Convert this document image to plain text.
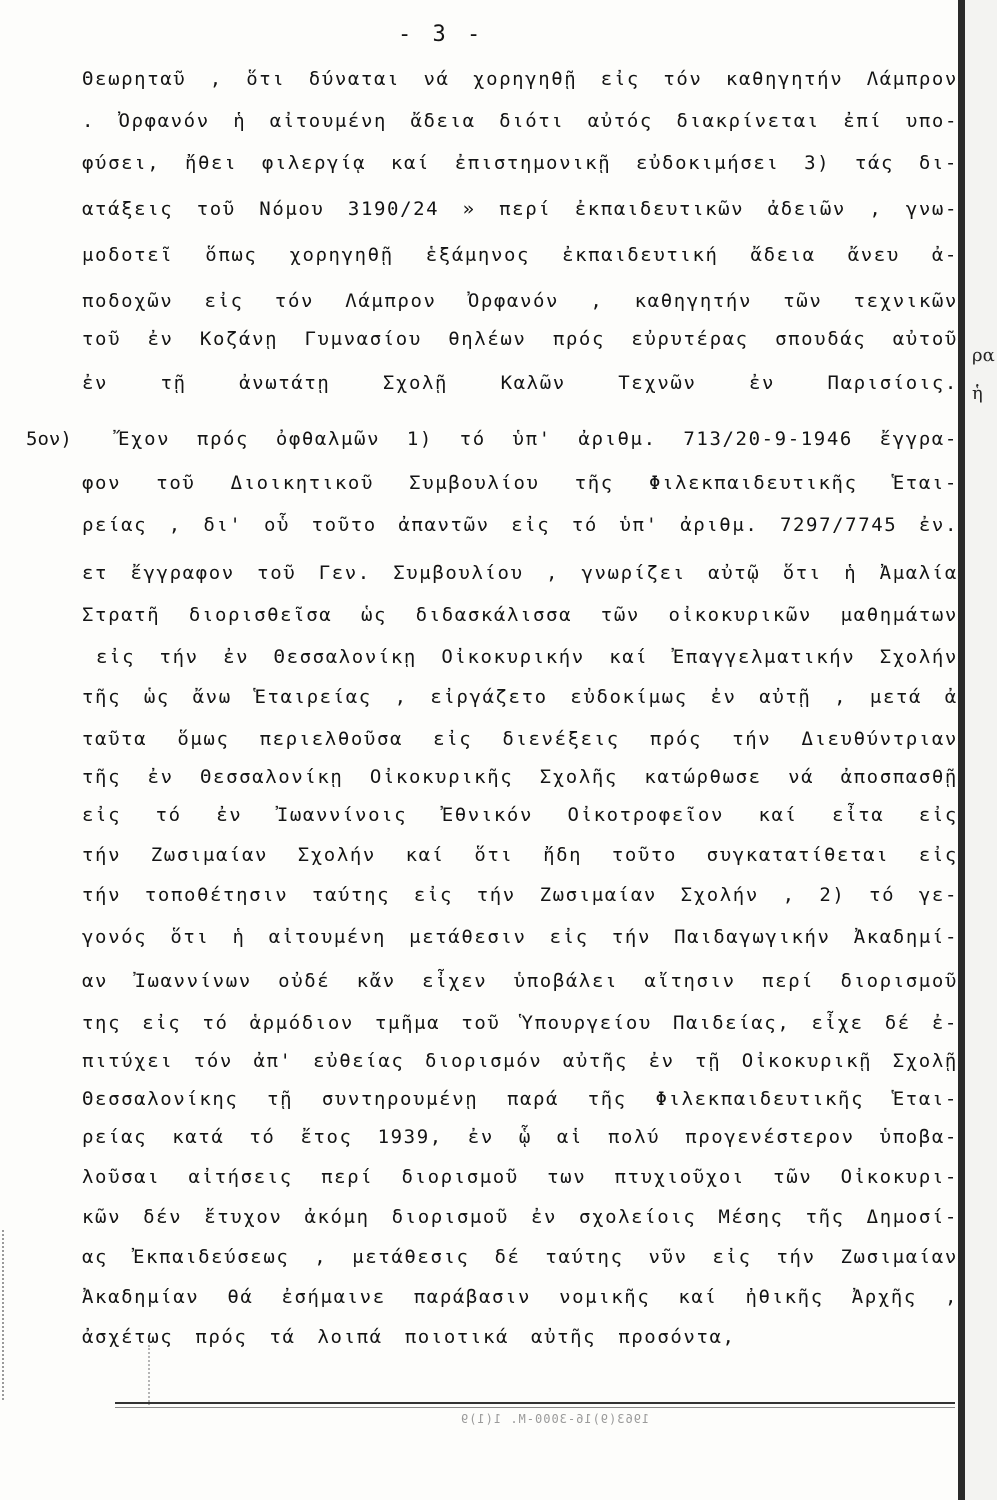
ρα
ἡ
- 3 -
5ον)
Θεωρηταῦ , ὅτι δύναται νά χορηγηθῇ εἰς τόν καθηγητήν Λάμπρον
. Ὀρφανόν ἡ αἰτουμένη ἄδεια διότι αὐτός διακρίνεται ἐπί υπο-
φύσει, ἤθει φιλεργίᾳ καί ἐπιστημονικῇ εὐδοκιμήσει 3) τάς δι-
ατάξεις τοῦ Νόμου 3190/24 » περί ἐκπαιδευτικῶν ἀδειῶν , γνω-
μοδοτεῖ ὅπως χορηγηθῇ ἑξάμηνος ἐκπαιδευτική ἄδεια ἄνευ ἀ-
ποδοχῶν εἰς τόν Λάμπρον Ὀρφανόν , καθηγητήν τῶν τεχνικῶν
τοῦ ἐν Κοζάνῃ Γυμνασίου θηλέων πρός εὐρυτέρας σπουδάς αὐτοῦ
ἐν	τῇ	ἀνωτάτῃ	Σχολῇ	Καλῶν	Τεχνῶν	ἐν	Παρισίοις.
Ἔχον πρός ὀφθαλμῶν 1) τό ὑπ' ἀριθμ. 713/20-9-1946 ἔγγρα-
φον τοῦ Διοικητικοῦ Συμβουλίου τῆς Φιλεκπαιδευτικῆς Ἑται-
ρείας , δι' οὗ τοῦτο ἀπαντῶν εἰς τό ὑπ' ἀριθμ. 7297/7745 ἐν.
ετ ἔγγραφον τοῦ Γεν. Συμβουλίου , γνωρίζει αὐτῷ ὅτι ἡ Ἀμαλία
Στρατῆ διορισθεῖσα ὡς διδασκάλισσα τῶν οἰκοκυρικῶν μαθημάτων
εἰς τήν ἐν Θεσσαλονίκῃ Οἰκοκυρικήν καί Ἐπαγγελματικήν Σχολήν
τῆς ὡς ἄνω Ἑταιρείας , εἰργάζετο εὐδοκίμως ἐν αὐτῇ , μετά ἀ
ταῦτα ὅμως περιελθοῦσα εἰς διενέξεις πρός τήν Διευθύντριαν
τῆς ἐν Θεσσαλονίκῃ Οἰκοκυρικῆς Σχολῆς κατώρθωσε νά ἀποσπασθῇ
εἰς τό ἐν Ἰωαννίνοις Ἐθνικόν Οἰκοτροφεῖον καί εἶτα εἰς
τήν Ζωσιμαίαν Σχολήν καί ὅτι ἤδη τοῦτο συγκατατίθεται εἰς
τήν τοποθέτησιν ταύτης εἰς τήν Ζωσιμαίαν Σχολήν , 2) τό γε-
γονός ὅτι ἡ αἰτουμένη μετάθεσιν εἰς τήν Παιδαγωγικήν Ἀκαδημί-
αν Ἰωαννίνων οὐδέ κἄν εἶχεν ὑποβάλει αἴτησιν περί διορισμοῦ
της εἰς τό ἁρμόδιον τμῆμα τοῦ Ὑπουργείου Παιδείας, εἶχε δέ ἐ-
πιτύχει τόν ἀπ' εὐθείας διορισμόν αὐτῆς ἐν τῇ Οἰκοκυρικῇ Σχολῇ
Θεσσαλονίκης τῇ συντηρουμένῃ παρά τῆς Φιλεκπαιδευτικῆς Ἑται-
ρείας κατά τό ἔτος 1939, ἐν ᾧ αἱ πολύ προγενέστερον ὑποβα-
λοῦσαι αἰτήσεις περί διορισμοῦ των πτυχιοῦχοι τῶν Οἰκοκυρι-
κῶν δέν ἔτυχον ἀκόμη διορισμοῦ ἐν σχολείοις Μέσης τῆς Δημοσί-
ας Ἐκπαιδεύσεως , μετάθεσις δέ ταύτης νῦν εἰς τήν Ζωσιμαίαν
Ἀκαδημίαν θά ἐσήμαινε παράβασιν νομικῆς καί ἠθικῆς Ἀρχῆς ,
ἀσχέτως πρός τά λοιπά ποιοτικά αὐτῆς προσόντα,
1963(9)16-3000-M. 1(1)9
